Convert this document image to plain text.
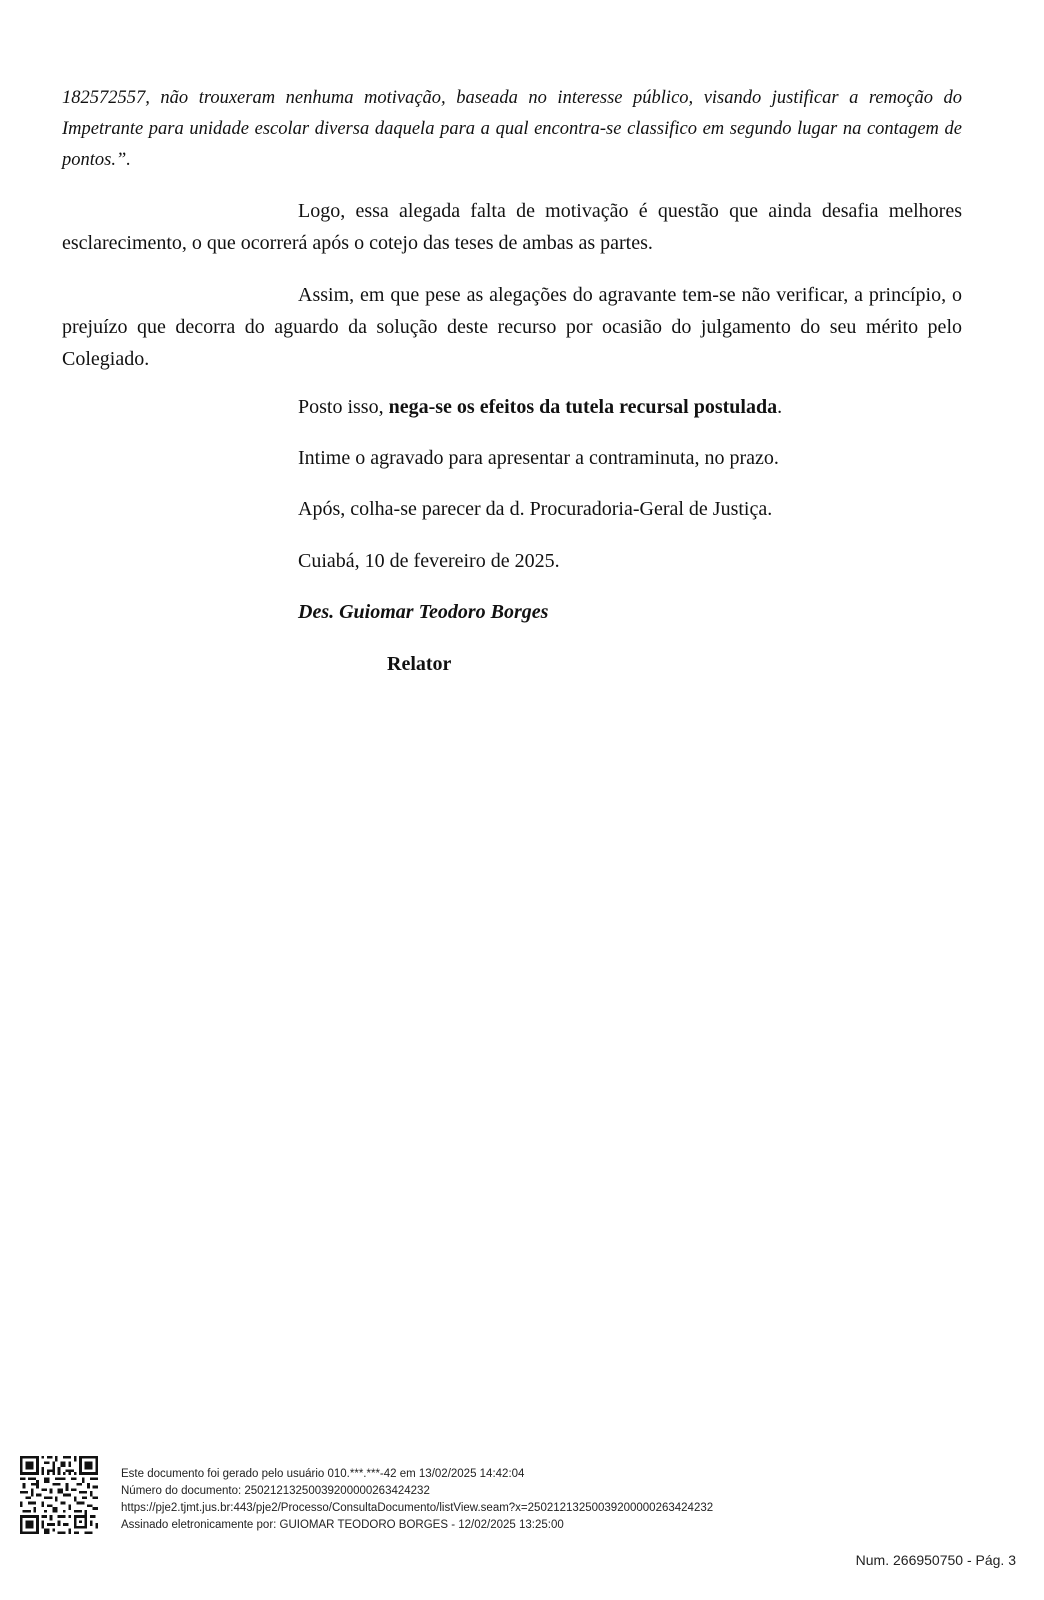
182572557, não trouxeram nenhuma motivação, baseada no interesse público, visando justificar a remoção do Impetrante para unidade escolar diversa daquela para a qual encontra-se classifico em segundo lugar na contagem de pontos.”.

Logo, essa alegada falta de motivação é questão que ainda desafia melhores esclarecimento, o que ocorrerá após o cotejo das teses de ambas as partes.

Assim, em que pese as alegações do agravante tem-se não verificar, a princípio, o prejuízo que decorra do aguardo da solução deste recurso por ocasião do julgamento do seu mérito pelo Colegiado.

Posto isso, nega-se os efeitos da tutela recursal postulada.

Intime o agravado para apresentar a contraminuta, no prazo.

Após, colha-se parecer da d. Procuradoria-Geral de Justiça.

Cuiabá, 10 de fevereiro de 2025.

Des. Guiomar Teodoro Borges

Relator

Este documento foi gerado pelo usuário 010.***.***-42 em 13/02/2025 14:42:04
Número do documento: 25021213250039200000263424232
https://pje2.tjmt.jus.br:443/pje2/Processo/ConsultaDocumento/listView.seam?x=25021213250039200000263424232
Assinado eletronicamente por: GUIOMAR TEODORO BORGES - 12/02/2025 13:25:00
Num. 266950750 - Pág. 3
